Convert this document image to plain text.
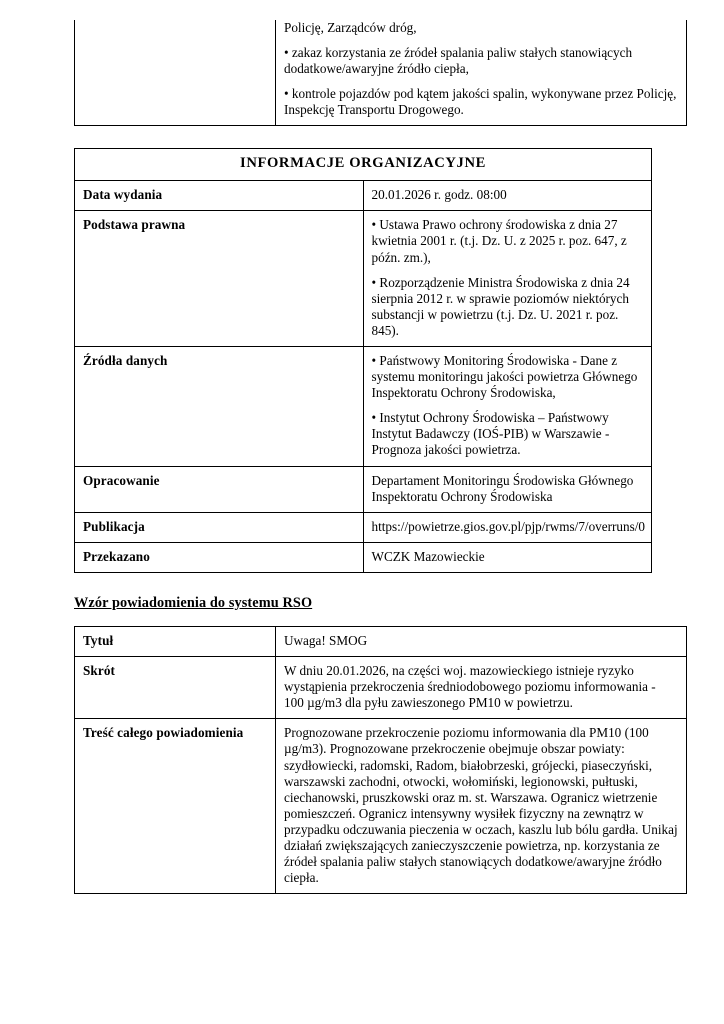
Policję, Zarządców dróg,

• zakaz korzystania ze źródeł spalania paliw stałych stanowiących dodatkowe/awaryjne źródło ciepła,

• kontrole pojazdów pod kątem jakości spalin, wykonywane przez Policję, Inspekcję Transportu Drogowego.

INFORMACJE ORGANIZACYJNE	
Data wydania	20.01.2026 r. godz. 08:00

Podstawa prawna	• Ustawa Prawo ochrony środowiska z dnia 27 kwietnia 2001 r. (t.j. Dz. U. z 2025 r. poz. 647, z późn. zm.),

• Rozporządzenie Ministra Środowiska z dnia 24 sierpnia 2012 r. w sprawie poziomów niektórych substancji w powietrzu (t.j. Dz. U. 2021 r. poz. 845).

Źródła danych	• Państwowy Monitoring Środowiska - Dane z systemu monitoringu jakości powietrza Głównego Inspektoratu Ochrony Środowiska,

• Instytut Ochrony Środowiska – Państwowy Instytut Badawczy (IOŚ-PIB) w Warszawie - Prognoza jakości powietrza.

Opracowanie	Departament Monitoringu Środowiska Głównego Inspektoratu Ochrony Środowiska

Publikacja	https://powietrze.gios.gov.pl/pjp/rwms/7/overruns/0

Przekazano	WCZK Mazowieckie

Wzór powiadomienia do systemu RSO
Tytuł	Uwaga! SMOG

Skrót	W dniu 20.01.2026, na części woj. mazowieckiego istnieje ryzyko wystąpienia przekroczenia średniodobowego poziomu informowania - 100 µg/m3 dla pyłu zawieszonego PM10 w powietrzu.

Treść całego powiadomienia	Prognozowane przekroczenie poziomu informowania dla PM10 (100 µg/m3). Prognozowane przekroczenie obejmuje obszar powiaty: szydłowiecki, radomski, Radom, białobrzeski, grójecki, piaseczyński, warszawski zachodni, otwocki, wołomiński, legionowski, pułtuski, ciechanowski, pruszkowski oraz m. st. Warszawa. Ogranicz wietrzenie pomieszczeń. Ogranicz intensywny wysiłek fizyczny na zewnątrz w przypadku odczuwania pieczenia w oczach, kaszlu lub bólu gardła. Unikaj działań zwiększających zanieczyszczenie powietrza, np. korzystania ze źródeł spalania paliw stałych stanowiących dodatkowe/awaryjne źródło ciepła.
